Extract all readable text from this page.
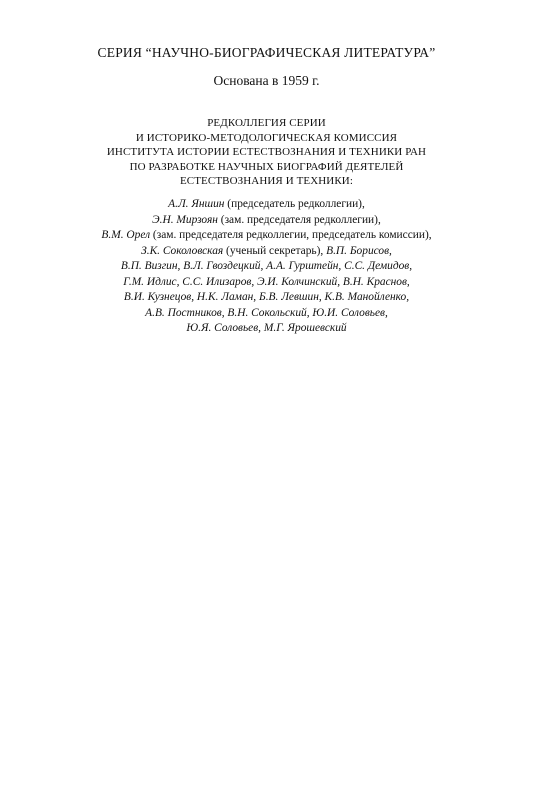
СЕРИЯ “НАУЧНО-БИОГРАФИЧЕСКАЯ ЛИТЕРАТУРА”
Основана в 1959 г.
РЕДКОЛЛЕГИЯ СЕРИИ
И ИСТОРИКО-МЕТОДОЛОГИЧЕСКАЯ КОМИССИЯ
ИНСТИТУТА ИСТОРИИ ЕСТЕСТВОЗНАНИЯ И ТЕХНИКИ РАН
ПО РАЗРАБОТКЕ НАУЧНЫХ БИОГРАФИЙ ДЕЯТЕЛЕЙ
ЕСТЕСТВОЗНАНИЯ И ТЕХНИКИ:
А.Л. Яншин (председатель редколлегии),
Э.Н. Мирзоян (зам. председателя редколлегии),
В.М. Орел (зам. председателя редколлегии, председатель комиссии),
З.К. Соколовская (ученый секретарь), В.П. Борисов,
В.П. Визгин, В.Л. Гвоздецкий, А.А. Гурштейн, С.С. Демидов,
Г.М. Идлис, С.С. Илизаров, Э.И. Колчинский, В.Н. Краснов,
В.И. Кузнецов, Н.К. Ламан, Б.В. Левшин, К.В. Манойленко,
А.В. Постников, В.Н. Сокольский, Ю.И. Соловьев,
Ю.Я. Соловьев, М.Г. Ярошевский
